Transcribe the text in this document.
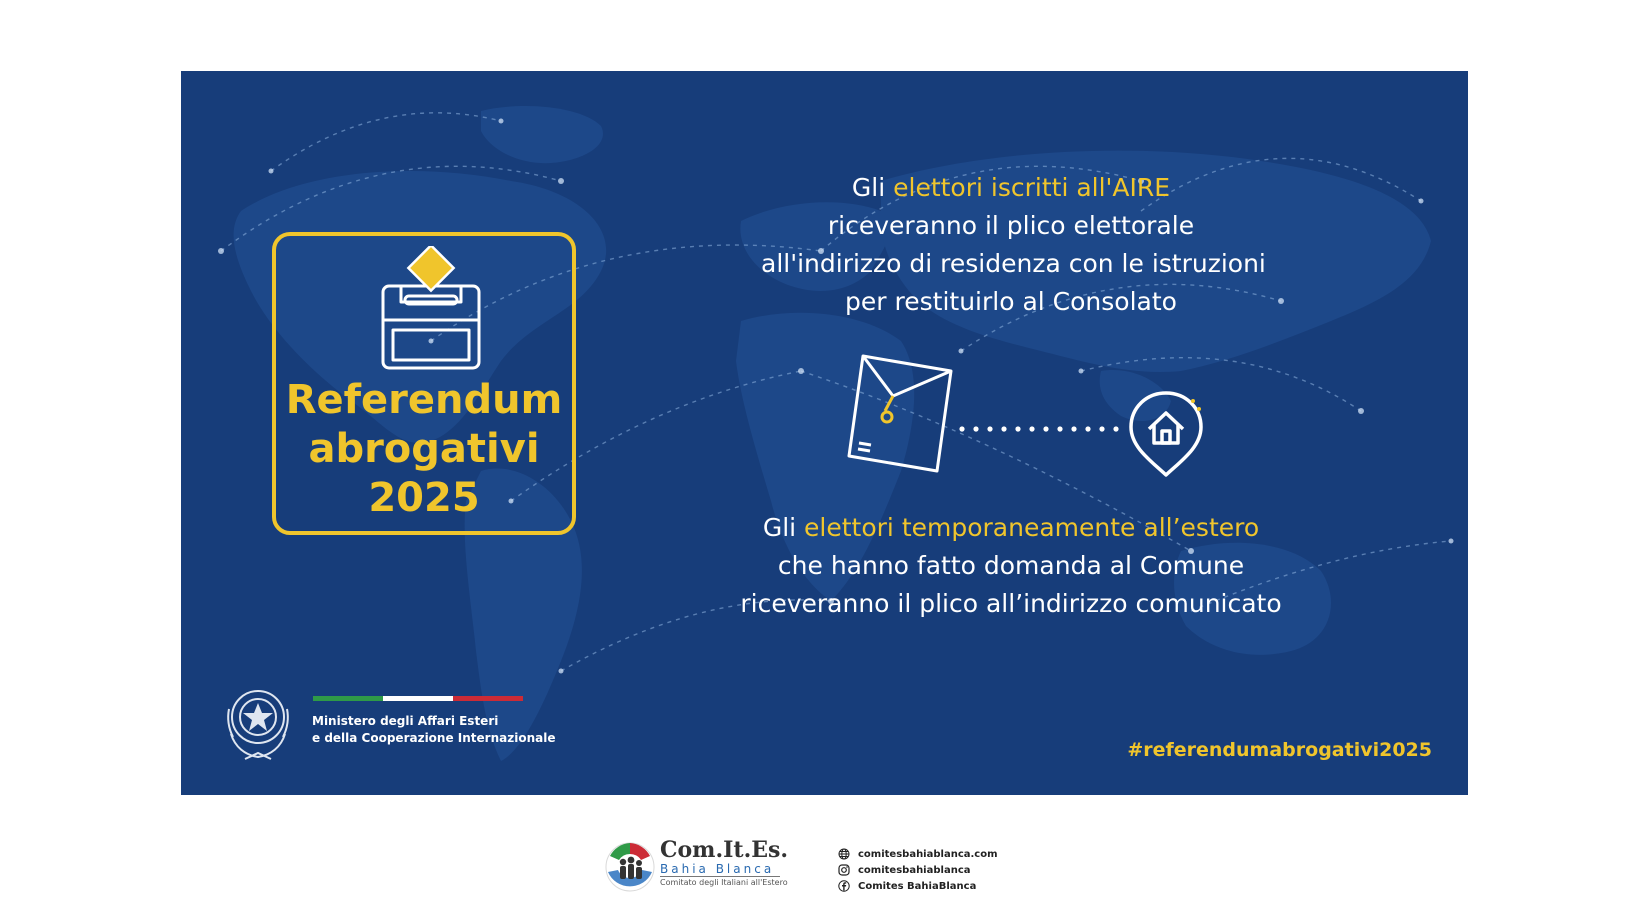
Referendum
abrogativi
2025
Gli elettori iscritti all'AIRE
riceveranno il plico elettorale
all'indirizzo di residenza con le istruzioni
per restituirlo al Consolato
Gli elettori temporaneamente all’estero
che hanno fatto domanda al Comune
riceveranno il plico all’indirizzo comunicato
Ministero degli Affari Esteri
e della Cooperazione Internazionale
#referendumabrogativi2025
Com.It.Es.
Bahia Blanca
Comitato degli Italiani all'Estero
comitesbahiablanca.com
comitesbahiablanca
Comites BahiaBlanca
